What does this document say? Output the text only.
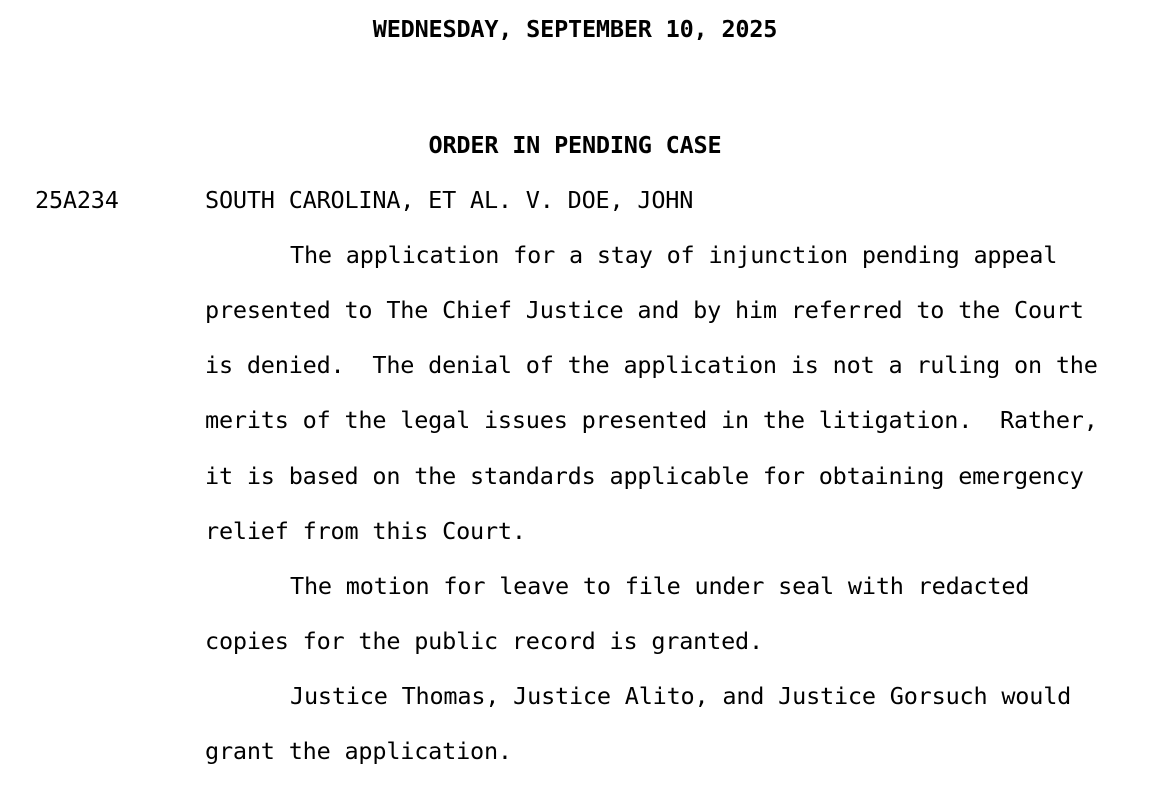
WEDNESDAY, SEPTEMBER 10, 2025
ORDER IN PENDING CASE
25A234	SOUTH CAROLINA, ET AL. V. DOE, JOHN
The application for a stay of injunction pending appeal
presented to The Chief Justice and by him referred to the Court
is denied.  The denial of the application is not a ruling on the
merits of the legal issues presented in the litigation.  Rather,
it is based on the standards applicable for obtaining emergency
relief from this Court.
The motion for leave to file under seal with redacted
copies for the public record is granted.
Justice Thomas, Justice Alito, and Justice Gorsuch would
grant the application.
